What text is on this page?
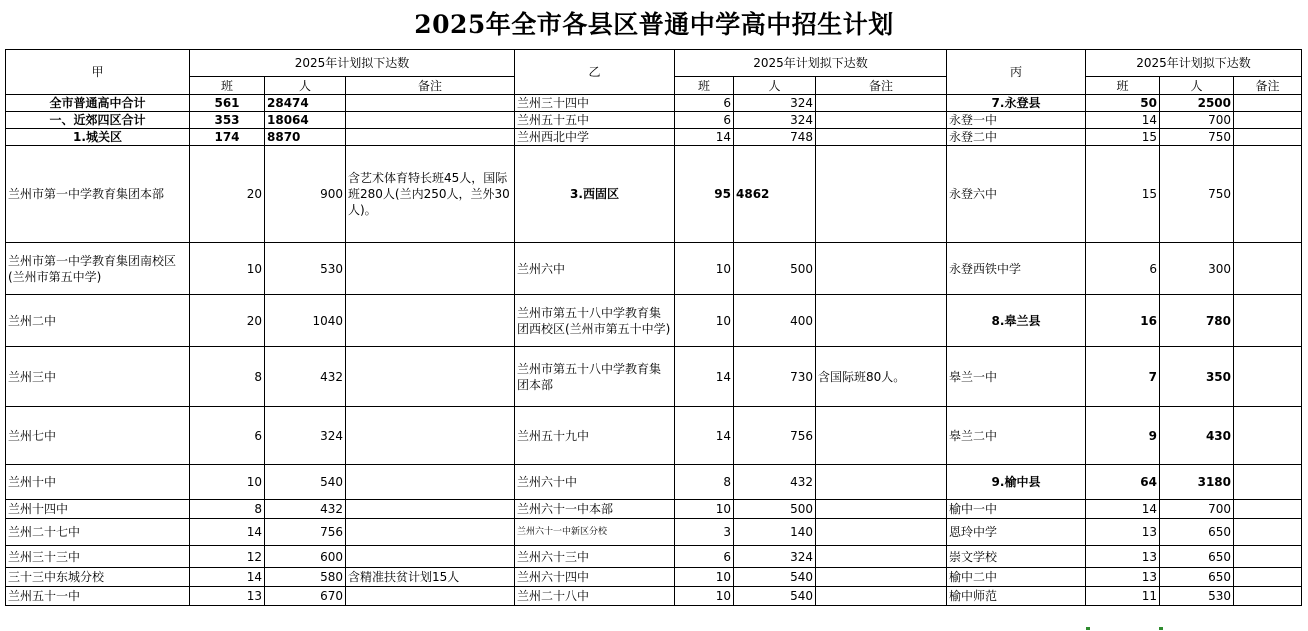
2025年全市各县区普通中学高中招生计划
甲	2025年计划拟下达数			乙	2025年计划拟下达数			丙	2025年计划拟下达数		
	班	人	备注		班	人	备注		班	人	备注
全市普通高中合计	561	28474		兰州三十四中	6	324		7.永登县	50	2500	
一、近郊四区合计	353	18064		兰州五十五中	6	324		永登一中	14	700	
1.城关区	174	8870		兰州西北中学	14	748		永登二中	15	750	
兰州市第一中学教育集团本部	20	900	含艺术体育特长班45人，国际班280人(兰内250人，兰外30人)。	3.西固区	95	4862		永登六中	15	750	
兰州市第一中学教育集团南校区(兰州市第五中学)	10	530		兰州六中	10	500		永登西铁中学	6	300	
兰州二中	20	1040		兰州市第五十八中学教育集团西校区(兰州市第五十中学)	10	400		8.皋兰县	16	780	
兰州三中	8	432		兰州市第五十八中学教育集团本部	14	730	含国际班80人。	皋兰一中	7	350	
兰州七中	6	324		兰州五十九中	14	756		皋兰二中	9	430	
兰州十中	10	540		兰州六十中	8	432		9.榆中县	64	3180	
兰州十四中	8	432		兰州六十一中本部	10	500		榆中一中	14	700	
兰州二十七中	14	756		兰州六十一中新区分校	3	140		恩玲中学	13	650	
兰州三十三中	12	600		兰州六十三中	6	324		崇文学校	13	650	
三十三中东城分校	14	580	含精准扶贫计划15人	兰州六十四中	10	540		榆中二中	13	650	
兰州五十一中	13	670		兰州二十八中	10	540		榆中师范	11	530	
